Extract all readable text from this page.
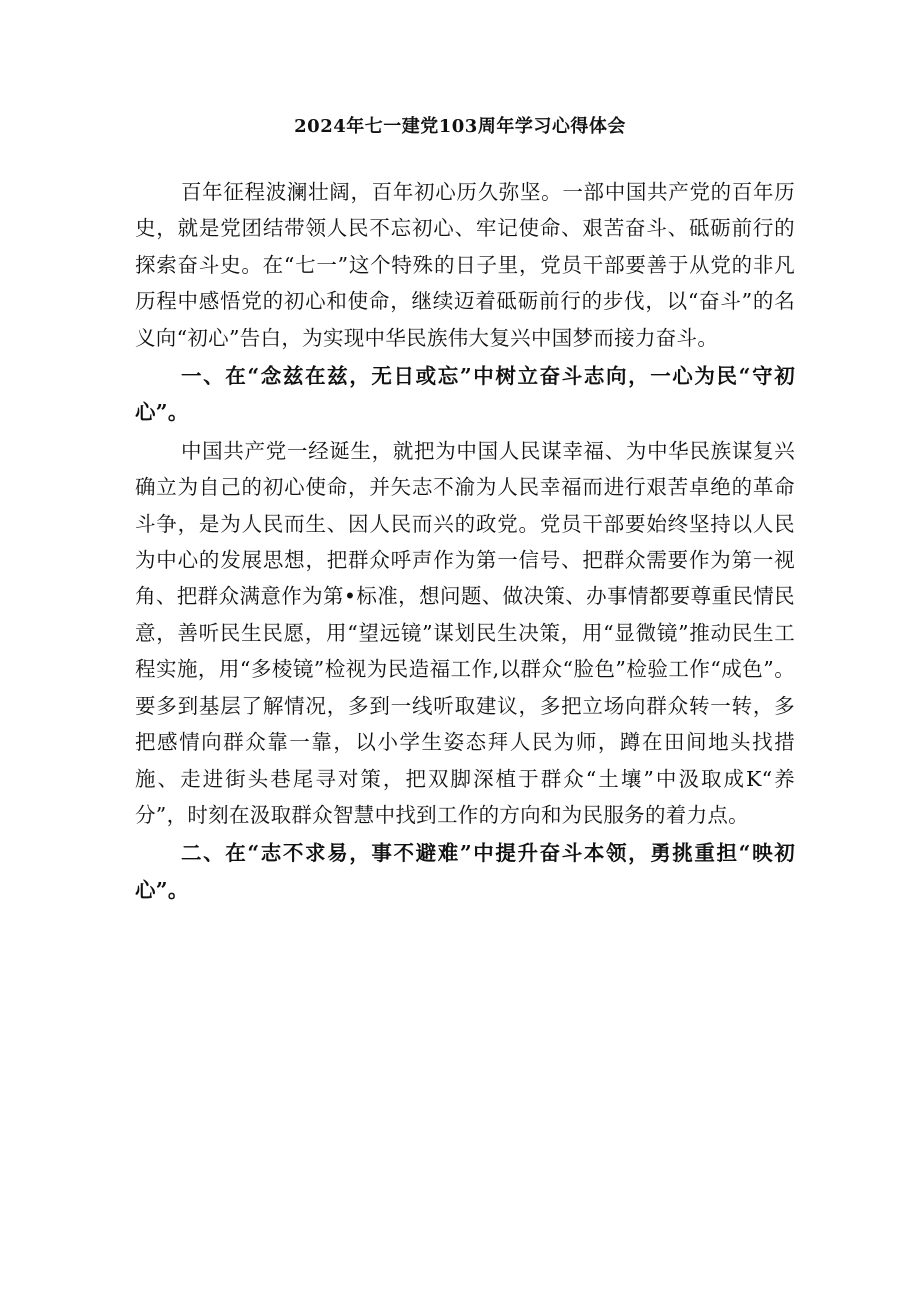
2024年七一建党103周年学习心得体会

百年征程波澜壮阔，百年初心历久弥坚。一部中国共产党的百年历史，就是党团结带领人民不忘初心、牢记使命、艰苦奋斗、砥砺前行的探索奋斗史。在“七一”这个特殊的日子里，党员干部要善于从党的非凡历程中感悟党的初心和使命，继续迈着砥砺前行的步伐，以“奋斗”的名义向“初心”告白，为实现中华民族伟大复兴中国梦而接力奋斗。

一、在“念兹在兹，无日或忘”中树立奋斗志向，一心为民“守初心”。

中国共产党一经诞生，就把为中国人民谋幸福、为中华民族谋复兴确立为自己的初心使命，并矢志不渝为人民幸福而进行艰苦卓绝的革命斗争，是为人民而生、因人民而兴的政党。党员干部要始终坚持以人民为中心的发展思想，把群众呼声作为第一信号、把群众需要作为第一视角、把群众满意作为第•标准，想问题、做决策、办事情都要尊重民情民意，善听民生民愿，用“望远镜”谋划民生决策，用“显微镜”推动民生工程实施，用“多棱镜”检视为民造福工作,以群众“脸色”检验工作“成色”。要多到基层了解情况，多到一线听取建议，多把立场向群众转一转，多把感情向群众靠一靠，以小学生姿态拜人民为师，蹲在田间地头找措施、走进街头巷尾寻对策，把双脚深植于群众“土壤”中汲取成K“养分”，时刻在汲取群众智慧中找到工作的方向和为民服务的着力点。

二、在“志不求易，事不避难”中提升奋斗本领，勇挑重担“映初心”。
